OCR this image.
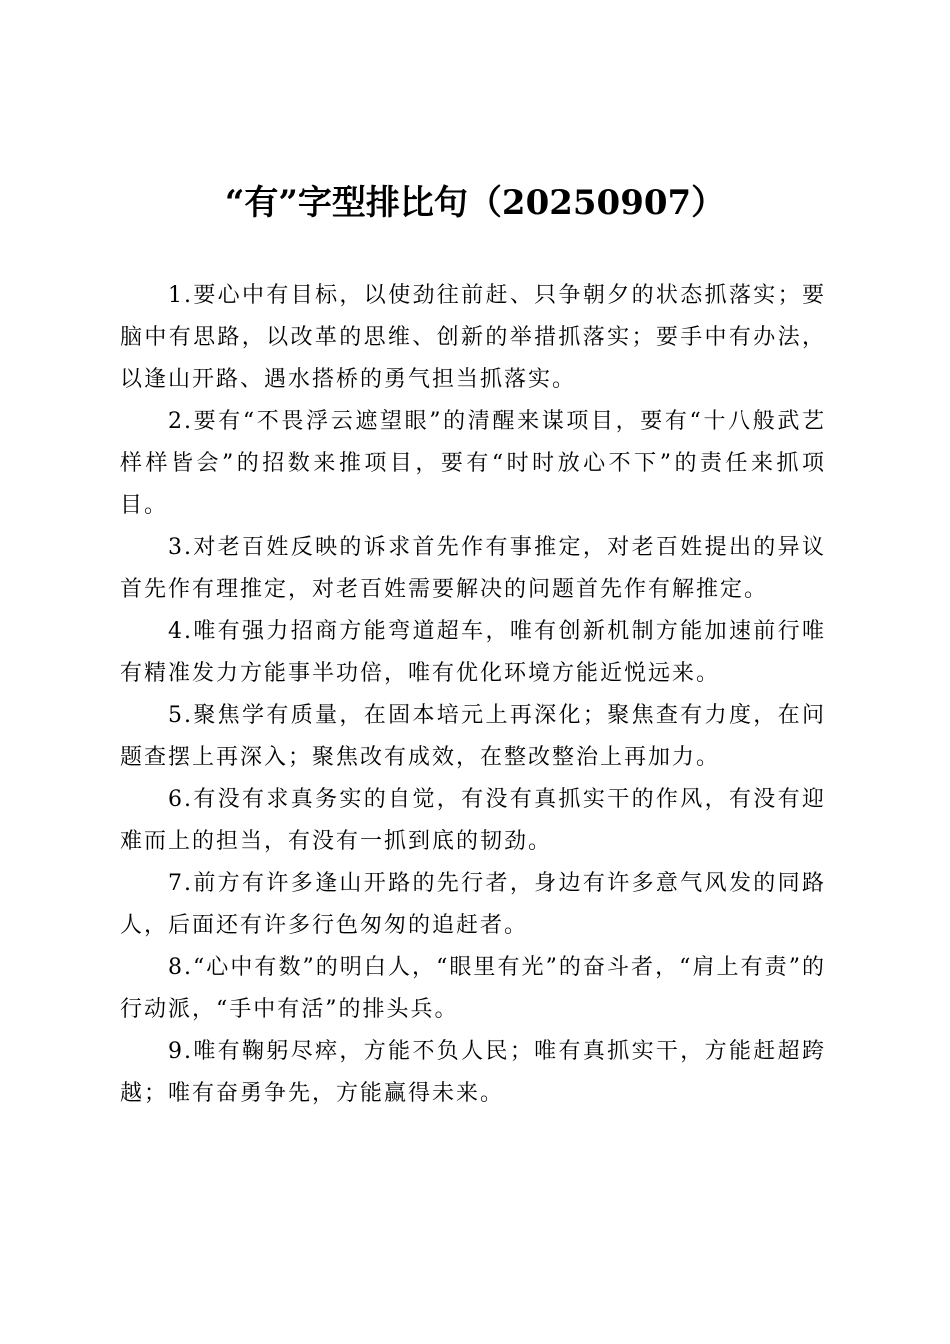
“有”字型排比句（20250907）

1.要心中有目标，以使劲往前赶、只争朝夕的状态抓落实；要脑中有思路，以改革的思维、创新的举措抓落实；要手中有办法，以逢山开路、遇水搭桥的勇气担当抓落实。

2.要有“不畏浮云遮望眼”的清醒来谋项目，要有“十八般武艺样样皆会”的招数来推项目，要有“时时放心不下”的责任来抓项目。

3.对老百姓反映的诉求首先作有事推定，对老百姓提出的异议首先作有理推定，对老百姓需要解决的问题首先作有解推定。

4.唯有强力招商方能弯道超车，唯有创新机制方能加速前行唯有精准发力方能事半功倍，唯有优化环境方能近悦远来。

5.聚焦学有质量，在固本培元上再深化；聚焦查有力度，在问题查摆上再深入；聚焦改有成效，在整改整治上再加力。

6.有没有求真务实的自觉，有没有真抓实干的作风，有没有迎难而上的担当，有没有一抓到底的韧劲。

7.前方有许多逢山开路的先行者，身边有许多意气风发的同路人，后面还有许多行色匆匆的追赶者。

8.“心中有数”的明白人，“眼里有光”的奋斗者，“肩上有责”的行动派，“手中有活”的排头兵。

9.唯有鞠躬尽瘁，方能不负人民；唯有真抓实干，方能赶超跨越；唯有奋勇争先，方能赢得未来。
